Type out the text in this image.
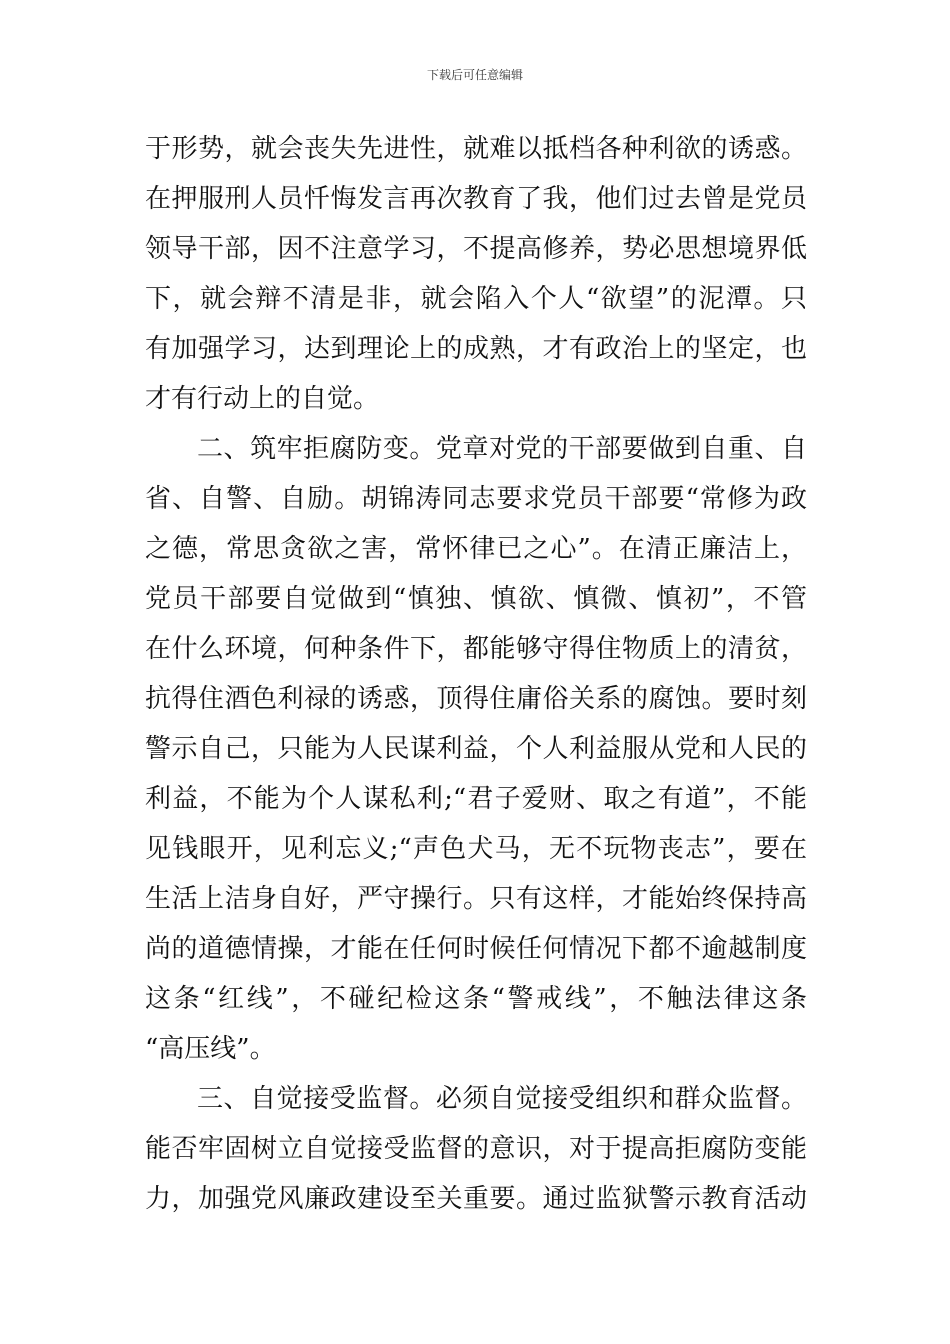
下载后可任意编辑
于形势，就会丧失先进性，就难以抵档各种利欲的诱惑。
在押服刑人员忏悔发言再次教育了我，他们过去曾是党员
领导干部，因不注意学习，不提高修养，势必思想境界低
下，就会辩不清是非，就会陷入个人“欲望”的泥潭。只
有加强学习，达到理论上的成熟，才有政治上的坚定，也
才有行动上的自觉。
二、筑牢拒腐防变。党章对党的干部要做到自重、自
省、自警、自励。胡锦涛同志要求党员干部要“常修为政
之德，常思贪欲之害，常怀律已之心”。在清正廉洁上，
党员干部要自觉做到“慎独、慎欲、慎微、慎初”，不管
在什么环境，何种条件下，都能够守得住物质上的清贫，
抗得住酒色利禄的诱惑，顶得住庸俗关系的腐蚀。要时刻
警示自己，只能为人民谋利益，个人利益服从党和人民的
利益，不能为个人谋私利;“君子爱财、取之有道”，不能
见钱眼开，见利忘义;“声色犬马，无不玩物丧志”，要在
生活上洁身自好，严守操行。只有这样，才能始终保持高
尚的道德情操，才能在任何时候任何情况下都不逾越制度
这条“红线”，不碰纪检这条“警戒线”，不触法律这条
“高压线”。
三、自觉接受监督。必须自觉接受组织和群众监督。
能否牢固树立自觉接受监督的意识，对于提高拒腐防变能
力，加强党风廉政建设至关重要。通过监狱警示教育活动
